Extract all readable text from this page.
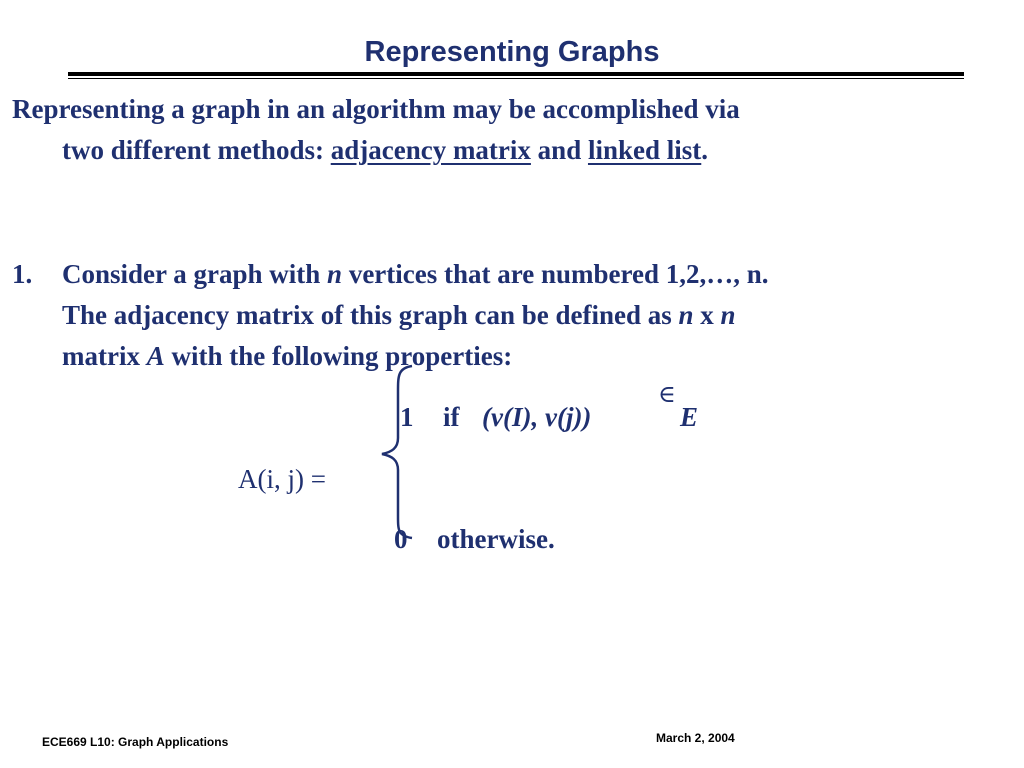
Representing Graphs
Representing a graph in an algorithm may be accomplished via
two different methods: adjacency matrix and linked list.
1. Consider a graph with n vertices that are numbered 1,2,…, n.
The adjacency matrix of this graph can be defined as n x n
matrix A with the following properties:
A(i, j) =
1 if (v(I), v(j))
∈
E
0 otherwise.
ECE669 L10: Graph Applications	March 2, 2004
